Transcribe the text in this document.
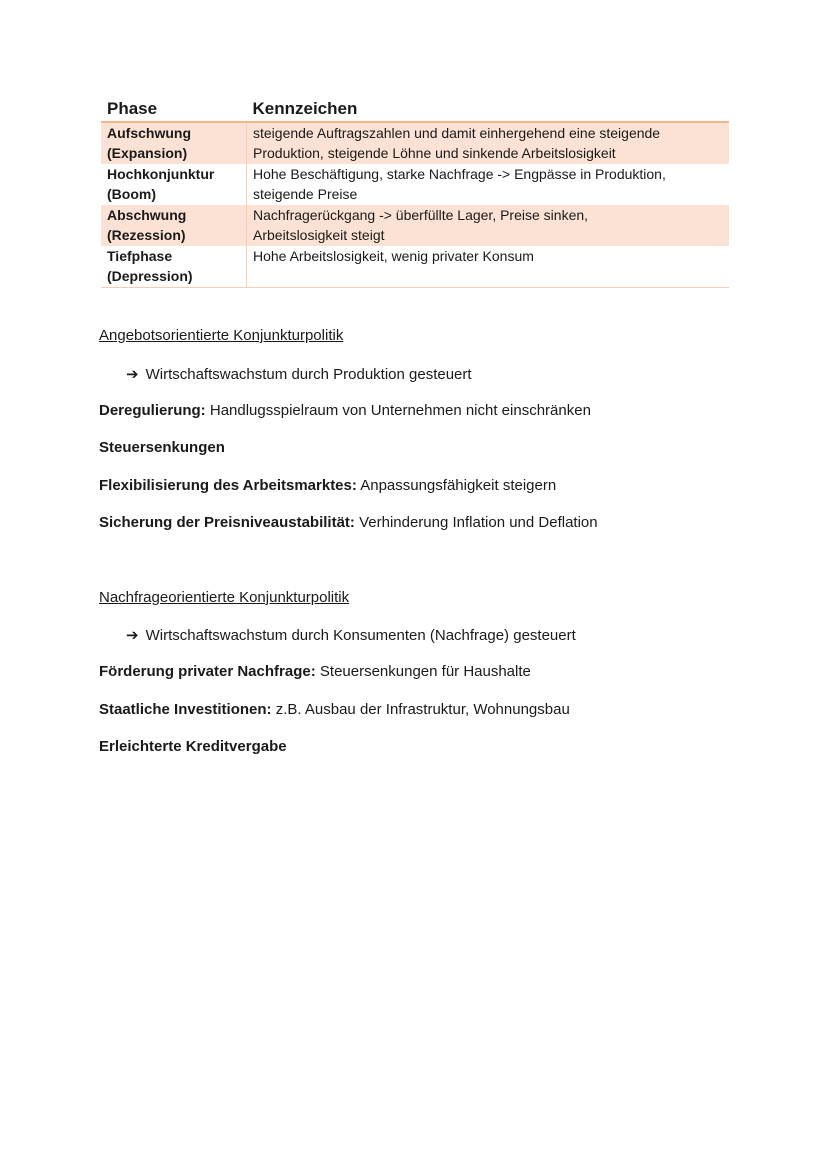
Phase	Kennzeichen

Aufschwung
(Expansion)	steigende Auftragszahlen und damit einhergehend eine steigende
Produktion, steigende Löhne und sinkende Arbeitslosigkeit

Hochkonjunktur
(Boom)	Hohe Beschäftigung, starke Nachfrage -> Engpässe in Produktion,
steigende Preise

Abschwung
(Rezession)	Nachfragerückgang -> überfüllte Lager, Preise sinken,
Arbeitslosigkeit steigt

Tiefphase
(Depression)	Hohe Arbeitslosigkeit, wenig privater Konsum
Angebotsorientierte Konjunkturpolitik
➔ Wirtschaftswachstum durch Produktion gesteuert
Deregulierung: Handlugsspielraum von Unternehmen nicht einschränken
Steuersenkungen
Flexibilisierung des Arbeitsmarktes: Anpassungsfähigkeit steigern
Sicherung der Preisniveaustabilität: Verhinderung Inflation und Deflation
Nachfrageorientierte Konjunkturpolitik
➔ Wirtschaftswachstum durch Konsumenten (Nachfrage) gesteuert
Förderung privater Nachfrage: Steuersenkungen für Haushalte
Staatliche Investitionen: z.B. Ausbau der Infrastruktur, Wohnungsbau
Erleichterte Kreditvergabe
